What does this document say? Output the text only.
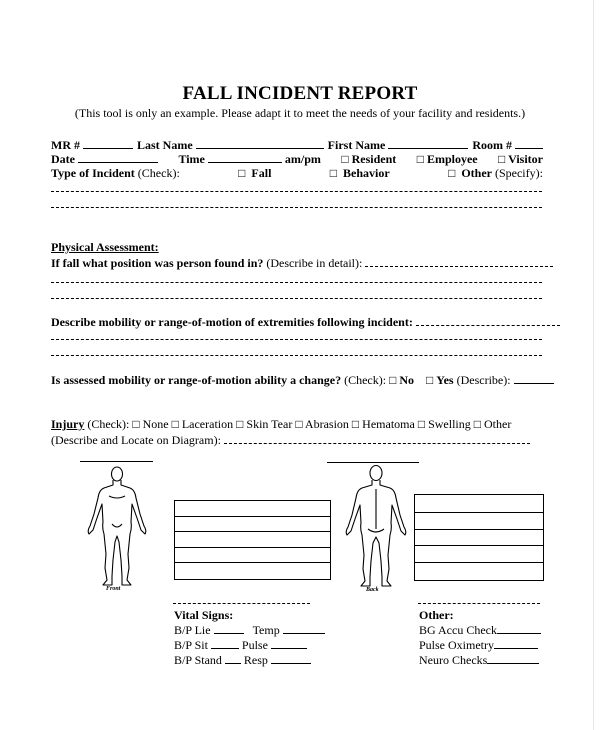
FALL INCIDENT REPORT
(This tool is only an example. Please adapt it to meet the needs of your facility and residents.)
MR #	Last Name	First Name	Room #
Date	Time	am/pm □ Resident □ Employee □ Visitor
Type of Incident (Check):	□ Fall	□ Behavior	□ Other (Specify):
Physical Assessment:
If fall what position was person found in? (Describe in detail):
Describe mobility or range-of-motion of extremities following incident:
Is assessed mobility or range-of-motion ability a change? (Check): □ No □ Yes (Describe):
Injury (Check): □ None □ Laceration □ Skin Tear □ Abrasion □ Hematoma □ Swelling □ Other
(Describe and Locate on Diagram):
Front	Back
Vital Signs:
B/P Lie	Temp
B/P Sit	Pulse
B/P Stand Resp
Other:
BG Accu Check
Pulse Oximetry
Neuro Checks
